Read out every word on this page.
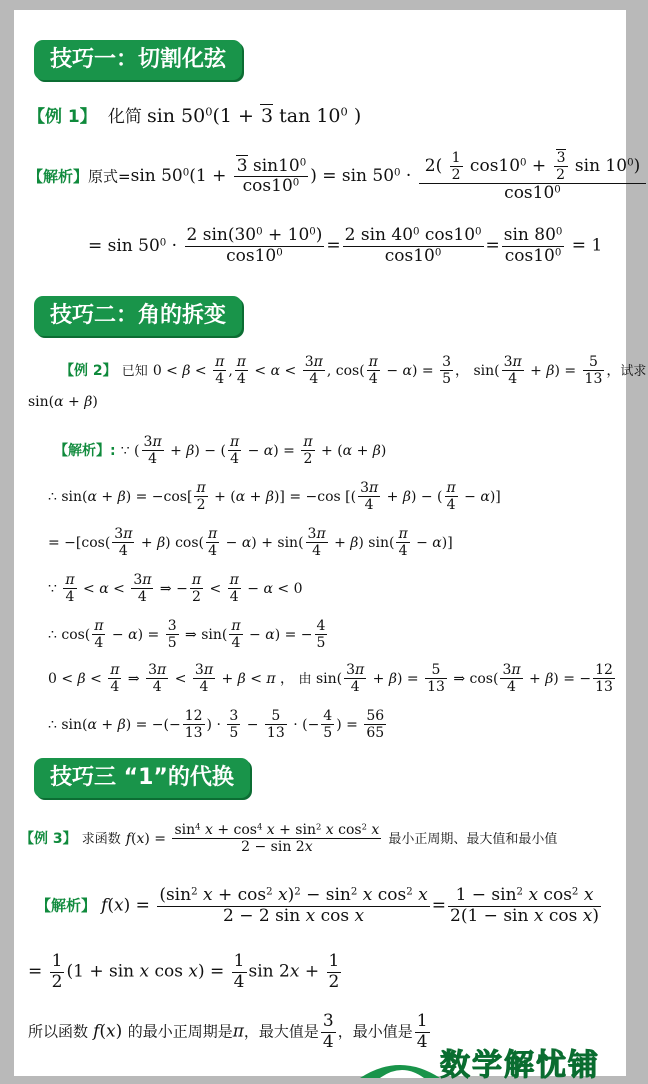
技巧一：切割化弦
【例 1】 化简 $\sin 50^0(1 + 3$ $\tan 10^0$ )
【解析】原式=sin $50^0(1 + \frac{3 \sin 10^0}{\cos 10^0}$ ) = $\sin 50^0 \cdot \frac{2( \frac{1}{2} \cos 10^0 + \frac{3}{2} \sin 10^0)}{\cos 10^0}$
= $\sin 50^0 \cdot \frac{2 \sin(30^0 + 10^0)}{\cos 10^0} = \frac{2 \sin 40^0 \cos 10^0}{\cos 10^0} = \frac{\sin 80^0}{\cos 10^0} = 1$
技巧二：角的拆变
【例 2】 已知 $0 < \beta < \frac{\pi}{4}$ , $\frac{\pi}{4} < \alpha < \frac{3\pi}{4}$ , $\cos( \frac{\pi}{4} - \alpha) = \frac{3}{5}$ ， $\sin( \frac{3\pi}{4} + \beta) = \frac{5}{13}$ ，试求
sin(α + β)
【解析】: ∵ ( $\frac{3\pi}{4} + \beta$) − ( $\frac{\pi}{4} - \alpha) = \frac{\pi}{2} + (\alpha + \beta)$
∴ $\sin(\alpha + \beta) = -\cos[ \frac{\pi}{2} + (\alpha + \beta)] = -\cos$ [( $\frac{3\pi}{4} + \beta$) − ( $\frac{\pi}{4} - \alpha$)]
= $-[\cos( \frac{3\pi}{4} + \beta)$ $\cos( \frac{\pi}{4} - \alpha) + \sin( \frac{3\pi}{4} + \beta)$ $\sin( \frac{\pi}{4} - \alpha)$]
∵ $\frac{\pi}{4} < \alpha < \frac{3\pi}{4}$ ⇒ − $\frac{\pi}{2} < \frac{\pi}{4} - \alpha < 0$
∴ $\cos( \frac{\pi}{4} - \alpha) = \frac{3}{5}$ ⇒ $\sin( \frac{\pi}{4} - \alpha)$ = − $\frac{4}{5}$
$0 < \beta < \frac{\pi}{4}$ ⇒ $\frac{3\pi}{4} < \frac{3\pi}{4} + \beta < \pi$ ， 由 $\sin( \frac{3\pi}{4} + \beta) = \frac{5}{13}$ ⇒ $\cos( \frac{3\pi}{4} + \beta)$ = − $\frac{12}{13}$
∴ sin(α + β) = −(− $\frac{12}{13}$ ) · $\frac{3}{5} - \frac{5}{13}$ · (− $\frac{4}{5}$ ) = $\frac{56}{65}$
技巧三 “1”的代换
【例 3】 求函数 $f(x) = \frac{\sin^4 x + \cos^4 x + \sin^2 x \cos^2 x}{2 - \sin 2x}$ 最小正周期、最大值和最小值
【解析】 $f(x) = \frac{(\sin^2 x + \cos^2 x)^2 - \sin^2 x \cos^2 x}{\text{2 − 2 sin x cos x}} = \frac{1 - \sin^2 x \cos^2 x}{\text{2(1 − sin x cos x)}}$
= $\frac{1}{2} (1 + \sin x$ $\cos x) = \frac{1}{4}$ $\sin 2x + \frac{1}{2}$
所以函数 f(x) 的最小正周期是π，最大值是 $\frac{3}{4}$ ，最小值是 $\frac{1}{4}$
数学解忧铺
